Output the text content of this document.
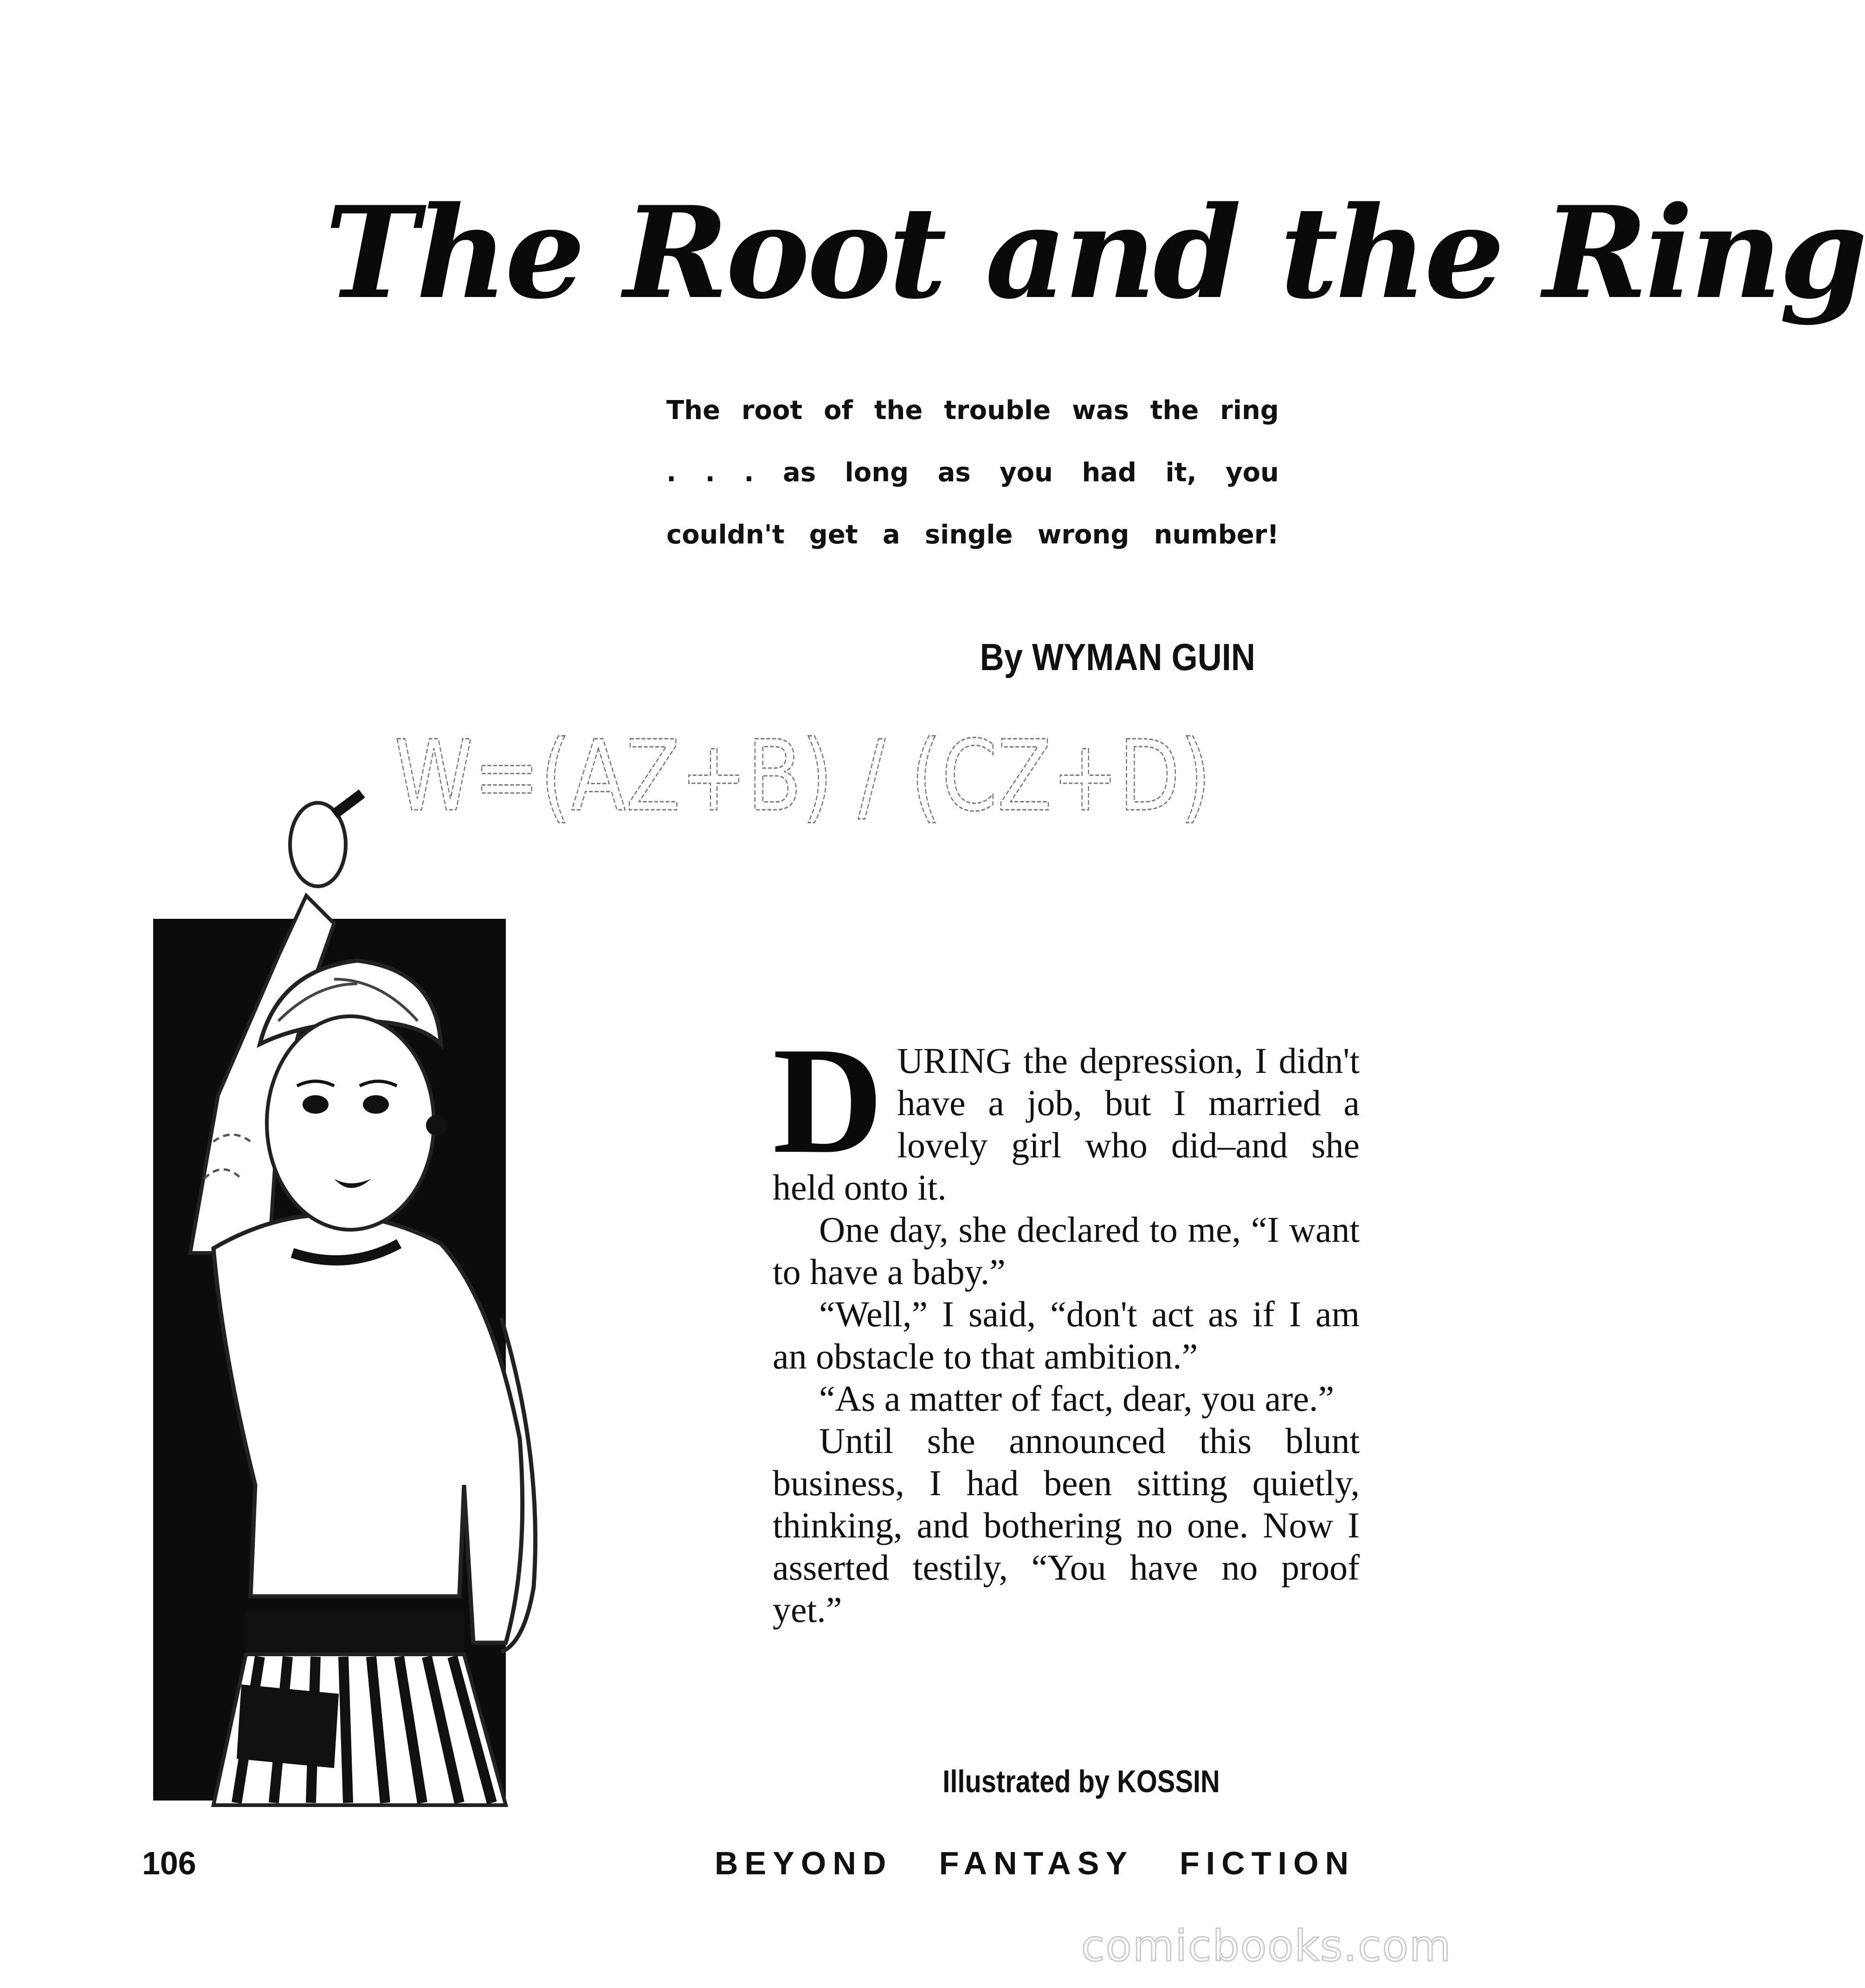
The Root and the Ring
The root of the trouble was the ring
. . . as long as you had it, you
couldn't get a single wrong number!
By WYMAN GUIN
W=(AZ+B) / (CZ+D)

DURING the depression, I didn't have a job, but I married a lovely girl who did–and she held onto it.

One day, she declared to me, “I want to have a baby.”

“Well,” I said, “don't act as if I am an obstacle to that ambition.”

“As a matter of fact, dear, you are.”

Until she announced this blunt business, I had been sitting quietly, thinking, and bothering no one. Now I asserted testily, “You have no proof yet.”

Illustrated by KOSSIN
106	BEYOND FANTASY FICTION
comicbooks.com
